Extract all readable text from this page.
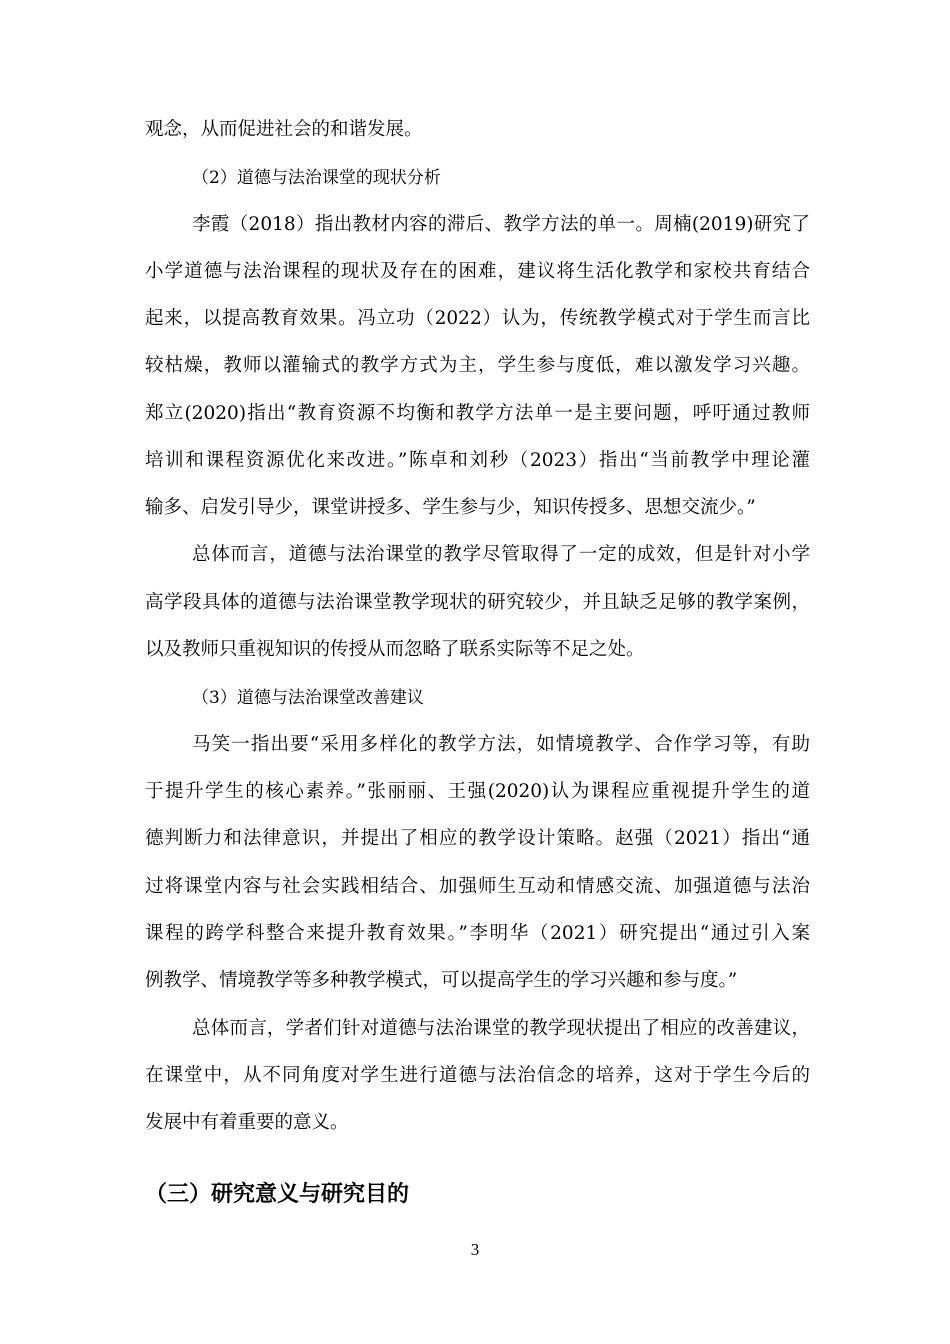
观念，从而促进社会的和谐发展。
（2）道德与法治课堂的现状分析
李霞（2018）指出教材内容的滞后、教学方法的单一。周楠(2019)研究了
小学道德与法治课程的现状及存在的困难，建议将生活化教学和家校共育结合
起来，以提高教育效果。冯立功（2022）认为，传统教学模式对于学生而言比
较枯燥，教师以灌输式的教学方式为主，学生参与度低，难以激发学习兴趣。
郑立(2020)指出“教育资源不均衡和教学方法单一是主要问题，呼吁通过教师
培训和课程资源优化来改进。”陈卓和刘秒（2023）指出“当前教学中理论灌
输多、启发引导少，课堂讲授多、学生参与少，知识传授多、思想交流少。”
总体而言，道德与法治课堂的教学尽管取得了一定的成效，但是针对小学
高学段具体的道德与法治课堂教学现状的研究较少，并且缺乏足够的教学案例，
以及教师只重视知识的传授从而忽略了联系实际等不足之处。
（3）道德与法治课堂改善建议
马笑一指出要“采用多样化的教学方法，如情境教学、合作学习等，有助
于提升学生的核心素养。”张丽丽、王强(2020)认为课程应重视提升学生的道
德判断力和法律意识，并提出了相应的教学设计策略。赵强（2021）指出“通
过将课堂内容与社会实践相结合、加强师生互动和情感交流、加强道德与法治
课程的跨学科整合来提升教育效果。”李明华（2021）研究提出“通过引入案
例教学、情境教学等多种教学模式，可以提高学生的学习兴趣和参与度。”
总体而言，学者们针对道德与法治课堂的教学现状提出了相应的改善建议，
在课堂中，从不同角度对学生进行道德与法治信念的培养，这对于学生今后的
发展中有着重要的意义。
（三）研究意义与研究目的
3
